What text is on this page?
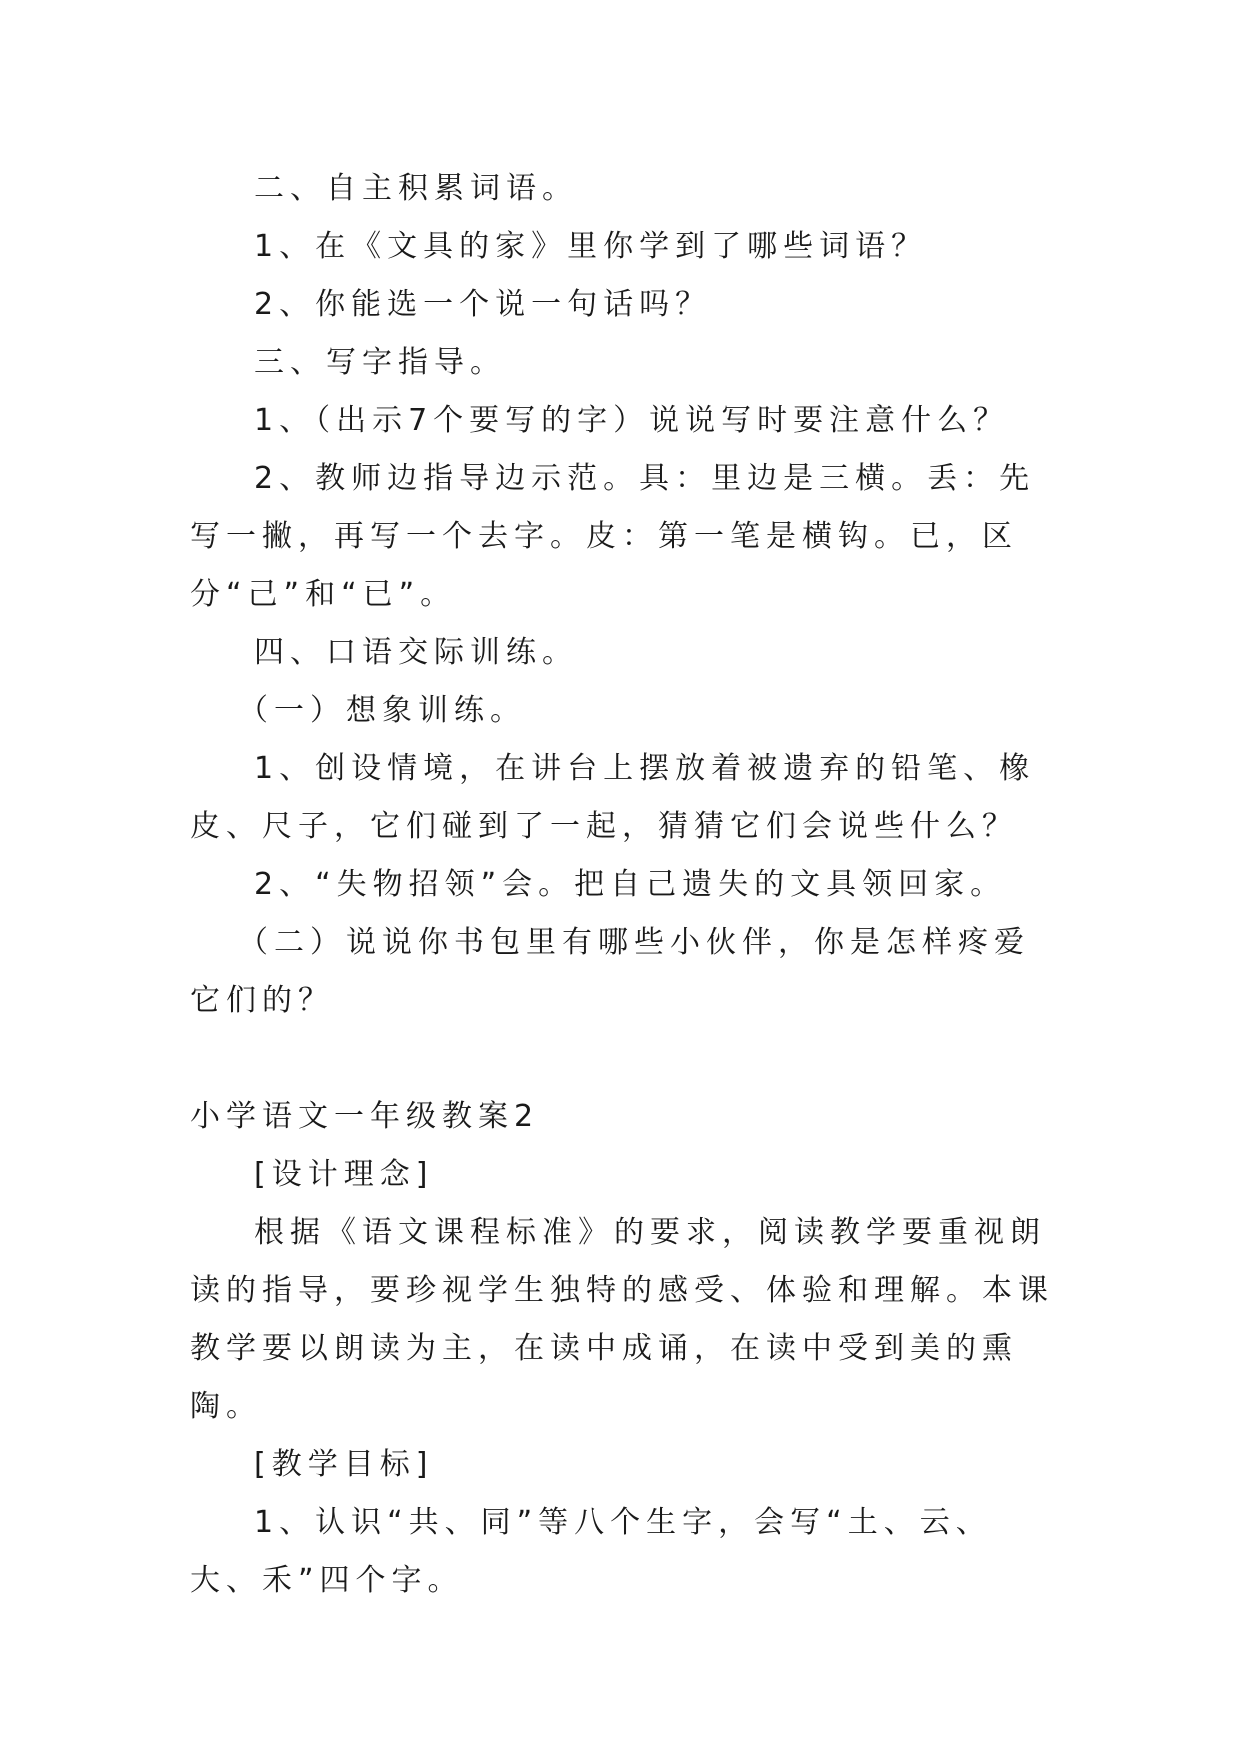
二、自主积累词语。

1、在《文具的家》里你学到了哪些词语？

2、你能选一个说一句话吗？

三、写字指导。

1、（出示7个要写的字）说说写时要注意什么？

2、教师边指导边示范。具：里边是三横。丢：先写一撇，再写一个去字。皮：第一笔是横钩。已，区分“己”和“已”。

四、口语交际训练。

（一）想象训练。

1、创设情境，在讲台上摆放着被遗弃的铅笔、橡皮、尺子，它们碰到了一起，猜猜它们会说些什么？

2、“失物招领”会。把自己遗失的文具领回家。

（二）说说你书包里有哪些小伙伴，你是怎样疼爱它们的？

小学语文一年级教案2

[设计理念]

根据《语文课程标准》的要求，阅读教学要重视朗读的指导，要珍视学生独特的感受、体验和理解。本课教学要以朗读为主，在读中成诵，在读中受到美的熏陶。

[教学目标]

1、认识“共、同”等八个生字，会写“土、云、大、禾”四个字。
